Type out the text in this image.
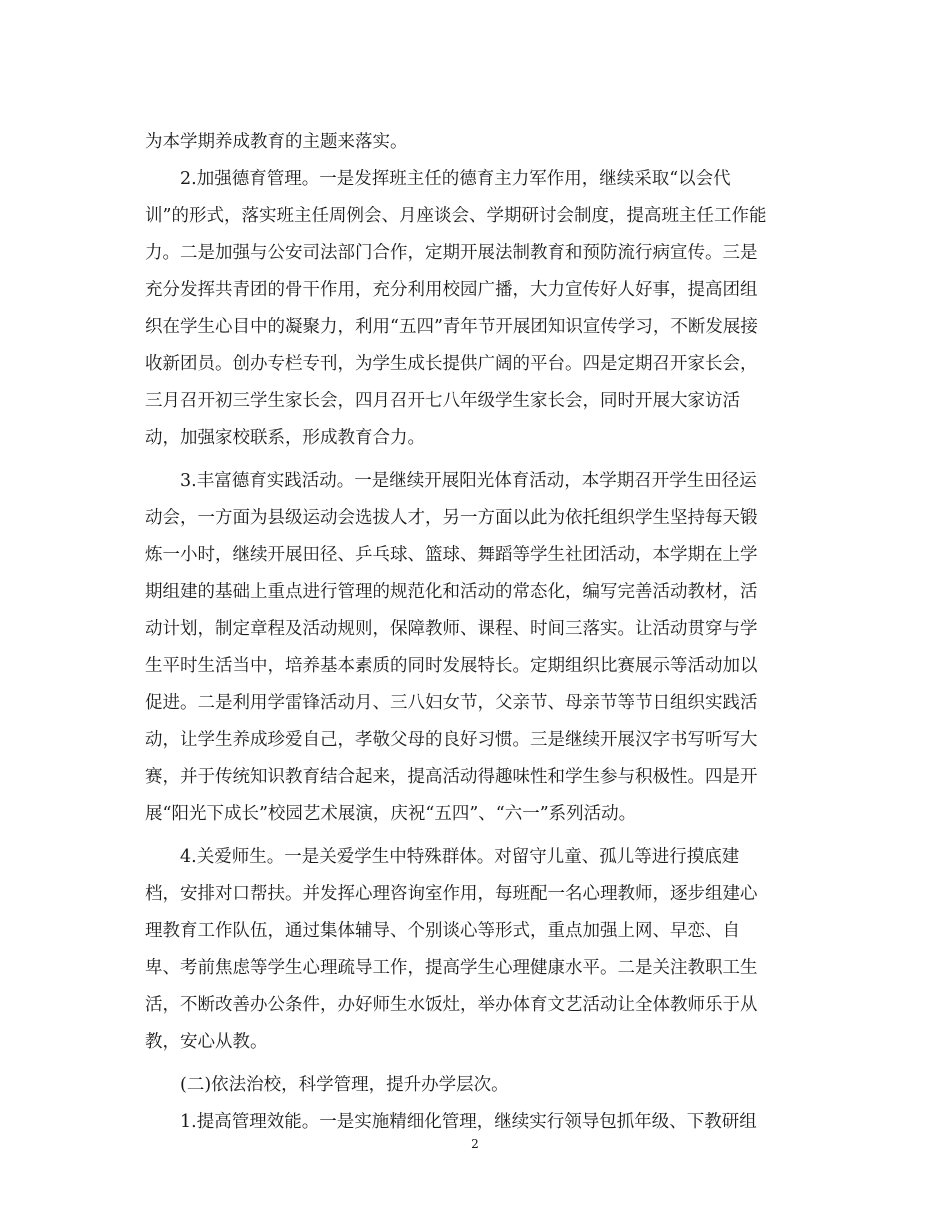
为本学期养成教育的主题来落实。
2.加强德育管理。一是发挥班主任的德育主力军作用，继续采取“以会代
训”的形式，落实班主任周例会、月座谈会、学期研讨会制度，提高班主任工作能
力。二是加强与公安司法部门合作，定期开展法制教育和预防流行病宣传。三是
充分发挥共青团的骨干作用，充分利用校园广播，大力宣传好人好事，提高团组
织在学生心目中的凝聚力，利用“五四”青年节开展团知识宣传学习，不断发展接
收新团员。创办专栏专刊，为学生成长提供广阔的平台。四是定期召开家长会，
三月召开初三学生家长会，四月召开七八年级学生家长会，同时开展大家访活
动，加强家校联系，形成教育合力。
3.丰富德育实践活动。一是继续开展阳光体育活动，本学期召开学生田径运
动会，一方面为县级运动会选拔人才，另一方面以此为依托组织学生坚持每天锻
炼一小时，继续开展田径、乒乓球、篮球、舞蹈等学生社团活动，本学期在上学
期组建的基础上重点进行管理的规范化和活动的常态化，编写完善活动教材，活
动计划，制定章程及活动规则，保障教师、课程、时间三落实。让活动贯穿与学
生平时生活当中，培养基本素质的同时发展特长。定期组织比赛展示等活动加以
促进。二是利用学雷锋活动月、三八妇女节，父亲节、母亲节等节日组织实践活
动，让学生养成珍爱自己，孝敬父母的良好习惯。三是继续开展汉字书写听写大
赛，并于传统知识教育结合起来，提高活动得趣味性和学生参与积极性。四是开
展“阳光下成长”校园艺术展演，庆祝“五四”、“六一”系列活动。
4.关爱师生。一是关爱学生中特殊群体。对留守儿童、孤儿等进行摸底建
档，安排对口帮扶。并发挥心理咨询室作用，每班配一名心理教师，逐步组建心
理教育工作队伍，通过集体辅导、个别谈心等形式，重点加强上网、早恋、自
卑、考前焦虑等学生心理疏导工作，提高学生心理健康水平。二是关注教职工生
活，不断改善办公条件，办好师生水饭灶，举办体育文艺活动让全体教师乐于从
教，安心从教。
(二)依法治校，科学管理，提升办学层次。
1.提高管理效能。一是实施精细化管理，继续实行领导包抓年级、下教研组
2
